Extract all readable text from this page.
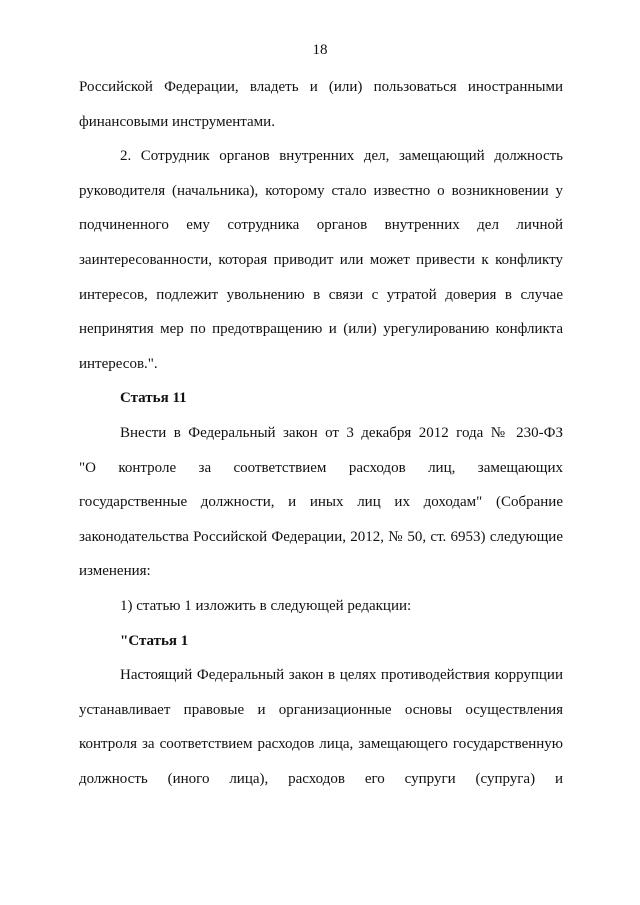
18
Российской Федерации, владеть и (или) пользоваться иностранными
финансовыми инструментами.
2. Сотрудник органов внутренних дел, замещающий должность
руководителя (начальника), которому стало известно о возникновении у
подчиненного ему сотрудника органов внутренних дел личной
заинтересованности, которая приводит или может привести к конфликту
интересов, подлежит увольнению в связи с утратой доверия в случае
непринятия мер по предотвращению и (или) урегулированию конфликта
интересов.".
Статья 11
Внести в Федеральный закон от 3 декабря 2012 года № 230-ФЗ
"О контроле за соответствием расходов лиц, замещающих
государственные должности, и иных лиц их доходам" (Собрание
законодательства Российской Федерации, 2012, № 50, ст. 6953) следующие
изменения:
1) статью 1 изложить в следующей редакции:
"Статья 1
Настоящий Федеральный закон в целях противодействия коррупции
устанавливает правовые и организационные основы осуществления
контроля за соответствием расходов лица, замещающего государственную
должность (иного лица), расходов его супруги (супруга) и
